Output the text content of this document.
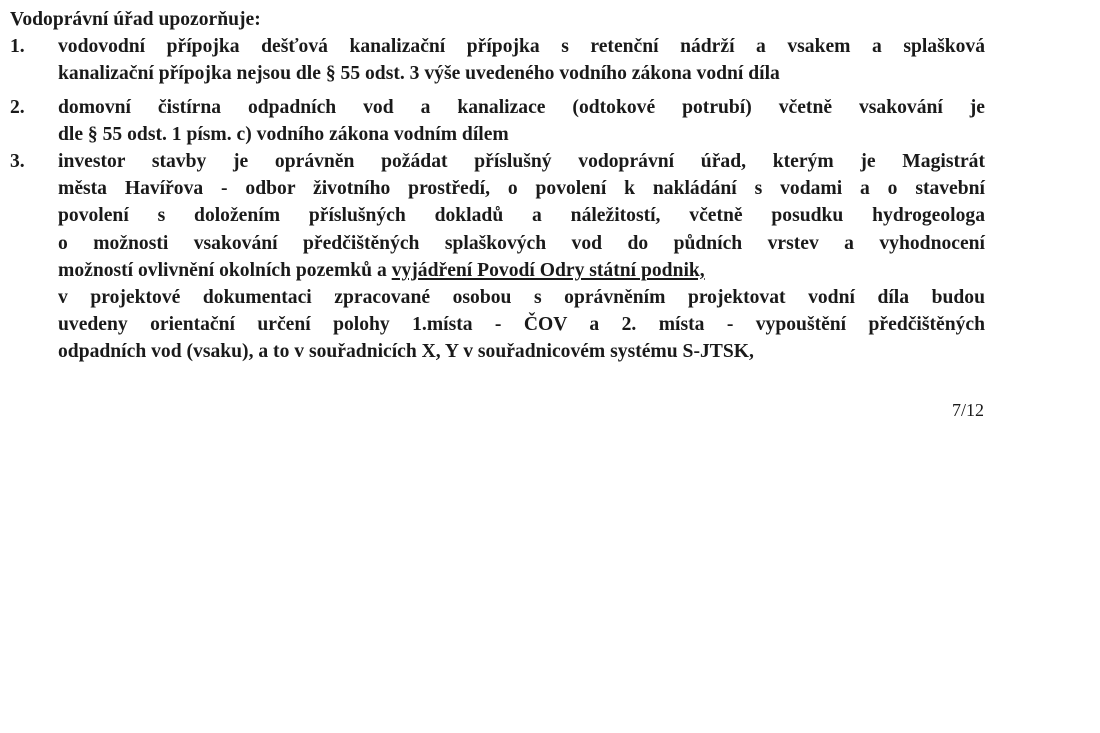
Vodoprávní úřad upozorňuje:
1.	vodovodní přípojka dešťová kanalizační přípojka s retenční nádrží a vsakem a splašková
kanalizační přípojka nejsou dle § 55 odst. 3 výše uvedeného vodního zákona vodní díla
2.	domovní čistírna odpadních vod a kanalizace (odtokové potrubí) včetně vsakování je
dle § 55 odst. 1 písm. c) vodního zákona vodním dílem
3.	investor stavby je oprávněn požádat příslušný vodoprávní úřad, kterým je Magistrát
města Havířova - odbor životního prostředí, o povolení k nakládání s vodami a o stavební
povolení s doložením příslušných dokladů a náležitostí, včetně posudku hydrogeologa
o možnosti vsakování předčištěných splaškových vod do půdních vrstev a vyhodnocení
možností ovlivnění okolních pozemků a vyjádření Povodí Odry státní podnik,
v projektové dokumentaci zpracované osobou s oprávněním projektovat vodní díla budou
uvedeny orientační určení polohy 1.místa - ČOV a 2. místa - vypouštění předčištěných
odpadních vod (vsaku), a to v souřadnicích X, Y v souřadnicovém systému S-JTSK,
7/12
